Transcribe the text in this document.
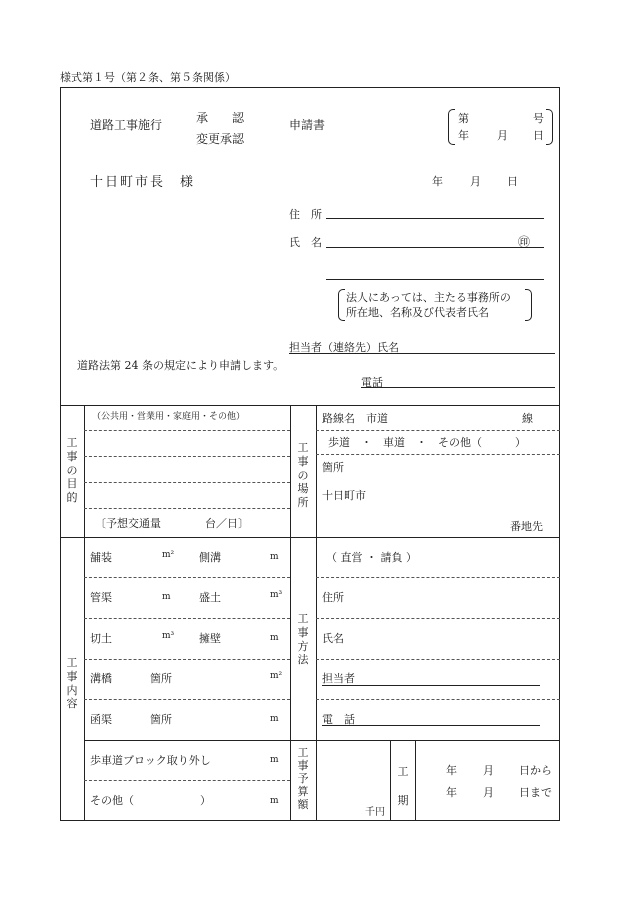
様式第１号（第２条、第５条関係）
道路工事施行	承　　認
変更承認
申請書	第	号
年	月 日
十日町市長　様	年 月 日
住　所
氏　名	㊞
法人にあっては、主たる事務所の
所在地、名称及び代表者氏名
担当者（連絡先）氏名
道路法第 24 条の規定により申請します。
電話
工事の目的
（公共用・営業用・家庭用・その他）
〔予想交通量　　　　台／日〕
工事の場所
路線名　市道	線
歩道　・　車道　・　その他（　　　）
箇所
十日町市
番地先
工事内容
舗装	m² 側溝	m
管渠	m	盛土	m³
切土	m³ 擁壁	m
溝橋	箇所	m²
函渠	箇所	m
歩車道ブロック取り外し	m
その他（　　　　　　）	m
工事方法
（ 直営 ・ 請負 ）
住所
氏名
担当者
電　話
工事予算額
千円
工期
年 月 日から
年 月 日まで
